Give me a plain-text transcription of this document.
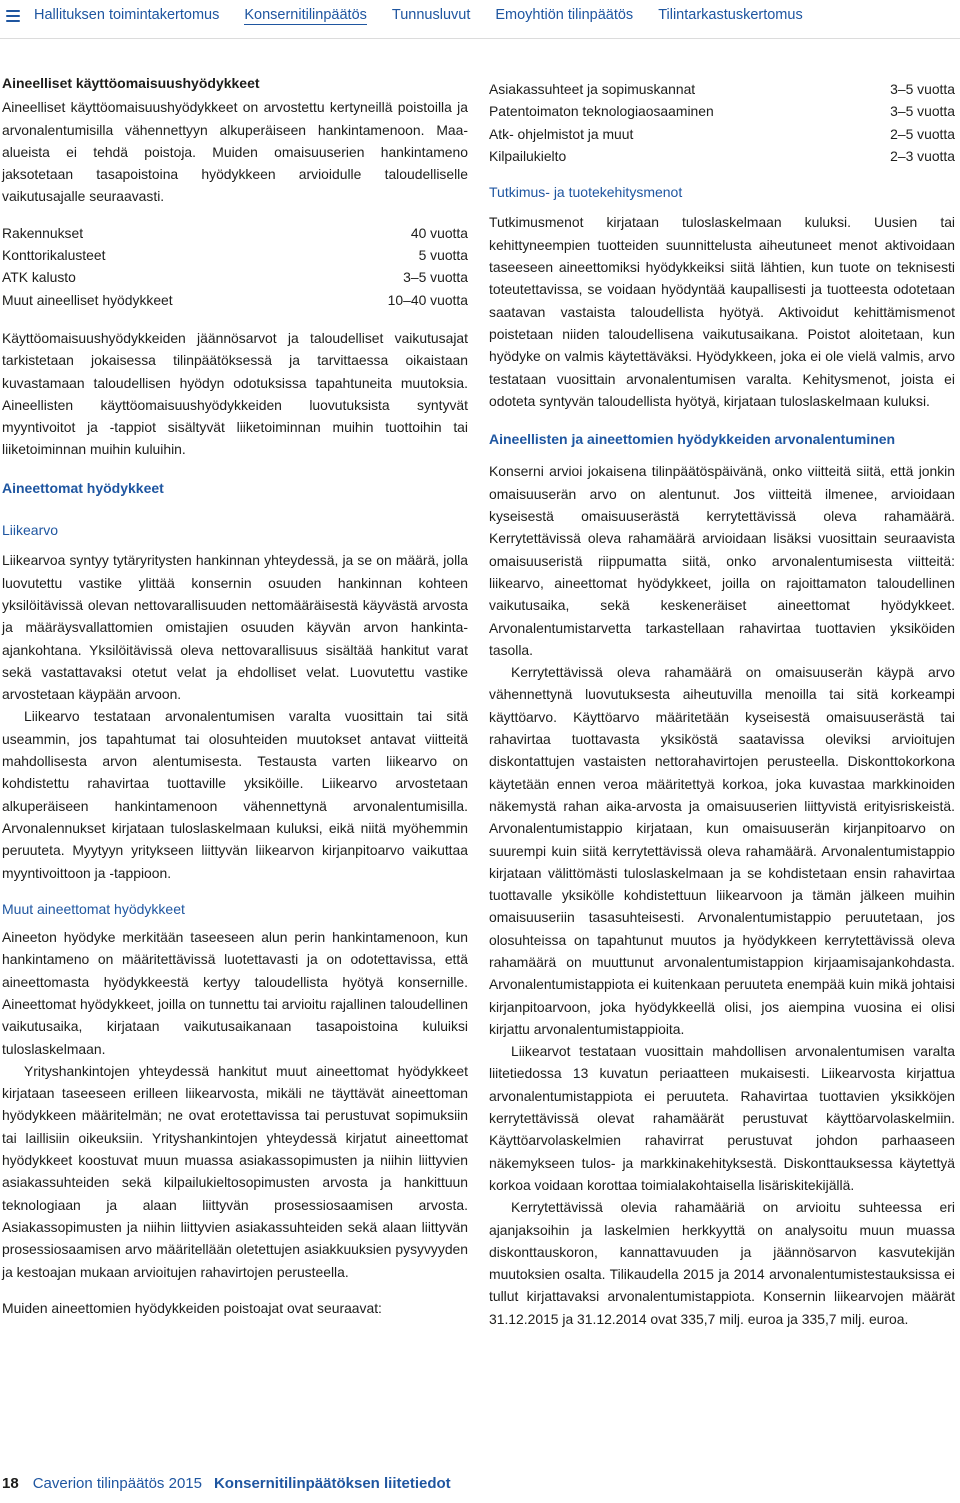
Hallituksen toimintakertomus Konsernitilinpäätös Tunnusluvut Emoyhtiön tilinpäätös Tilintarkastuskertomus
Aineelliset käyttöomaisuushyödykkeet

Aineelliset käyttöomaisuushyödykkeet on arvostettu kertyneillä poistoilla ja arvonalentumisilla vähennettyyn alkuperäiseen hankintamenoon. Maa-alueista ei tehdä poistoja. Muiden omaisuuserien hankintameno jaksotetaan tasapoistoina hyödykkeen arvioidulle taloudelliselle vaikutusajalle seuraavasti.

Rakennukset	40 vuotta
Konttorikalusteet	5 vuotta
ATK kalusto	3–5 vuotta
Muut aineelliset hyödykkeet	10–40 vuotta

Käyttöomaisuushyödykkeiden jäännösarvot ja taloudelliset vaikutusajat tarkistetaan jokaisessa tilinpäätöksessä ja tarvittaessa oikaistaan kuvastamaan taloudellisen hyödyn odotuksissa tapahtuneita muutoksia. Aineellisten käyttöomaisuushyödykkeiden luovutuksista syntyvät myyntivoitot ja -tappiot sisältyvät liiketoiminnan muihin tuottoihin tai liiketoiminnan muihin kuluihin.

Aineettomat hyödykkeet
Liikearvo

Liikearvoa syntyy tytäryritysten hankinnan yhteydessä, ja se on määrä, jolla luovutettu vastike ylittää konsernin osuuden hankinnan kohteen yksilöitävissä olevan nettovarallisuuden nettomääräisestä käyvästä arvosta ja määräysvallattomien omistajien osuuden käyvän arvon hankinta-ajankohtana. Yksilöitävissä oleva nettovarallisuus sisältää hankitut varat sekä vastattavaksi otetut velat ja ehdolliset velat. Luovutettu vastike arvostetaan käypään arvoon.

Liikearvo testataan arvonalentumisen varalta vuosittain tai sitä useammin, jos tapahtumat tai olosuhteiden muutokset antavat viitteitä mahdollisesta arvon alentumisesta. Testausta varten liikearvo on kohdistettu rahavirtaa tuottaville yksiköille. Liikearvo arvostetaan alkuperäiseen hankintamenoon vähennettynä arvonalentumisilla. Arvonalennukset kirjataan tuloslaskelmaan kuluksi, eikä niitä myöhemmin peruuteta. Myytyyn yritykseen liittyvän liikearvon kirjanpitoarvo vaikuttaa myyntivoittoon ja -tappioon.

Muut aineettomat hyödykkeet

Aineeton hyödyke merkitään taseeseen alun perin hankintamenoon, kun hankintameno on määritettävissä luotettavasti ja on odotettavissa, että aineettomasta hyödykkeestä kertyy taloudellista hyötyä konsernille. Aineettomat hyödykkeet, joilla on tunnettu tai arvioitu rajallinen taloudellinen vaikutusaika, kirjataan vaikutusaikanaan tasapoistoina kuluiksi tuloslaskelmaan.

Yrityshankintojen yhteydessä hankitut muut aineettomat hyödykkeet kirjataan taseeseen erilleen liikearvosta, mikäli ne täyttävät aineettoman hyödykkeen määritelmän; ne ovat erotettavissa tai perustuvat sopimuksiin tai laillisiin oikeuksiin. Yrityshankintojen yhteydessä kirjatut aineettomat hyödykkeet koostuvat muun muassa asiakassopimusten ja niihin liittyvien asiakassuhteiden sekä kilpailukieltosopimusten arvosta ja hankittuun teknologiaan ja alaan liittyvän prosessiosaamisen arvosta. Asiakassopimusten ja niihin liittyvien asiakassuhteiden sekä alaan liittyvän prosessiosaamisen arvo määritellään oletettujen asiakkuuksien pysyvyyden ja kestoajan mukaan arvioitujen rahavirtojen perusteella.

Muiden aineettomien hyödykkeiden poistoajat ovat seuraavat:

Asiakassuhteet ja sopimuskannat	3–5 vuotta
Patentoimaton teknologiaosaaminen	3–5 vuotta
Atk- ohjelmistot ja muut	2–5 vuotta
Kilpailukielto	2–3 vuotta
Tutkimus- ja tuotekehitysmenot

Tutkimusmenot kirjataan tuloslaskelmaan kuluksi. Uusien tai kehittyneempien tuotteiden suunnittelusta aiheutuneet menot aktivoidaan taseeseen aineettomiksi hyödykkeiksi siitä lähtien, kun tuote on teknisesti toteutettavissa, se voidaan hyödyntää kaupallisesti ja tuotteesta odotetaan saatavan vastaista taloudellista hyötyä. Aktivoidut kehittämismenot poistetaan niiden taloudellisena vaikutusaikana. Poistot aloitetaan, kun hyödyke on valmis käytettäväksi. Hyödykkeen, joka ei ole vielä valmis, arvo testataan vuosittain arvonalentumisen varalta. Kehitysmenot, joista ei odoteta syntyvän taloudellista hyötyä, kirjataan tuloslaskelmaan kuluksi.

Aineellisten ja aineettomien hyödykkeiden arvonalentuminen

Konserni arvioi jokaisena tilinpäätöspäivänä, onko viitteitä siitä, että jonkin omaisuuserän arvo on alentunut. Jos viitteitä ilmenee, arvioidaan kyseisestä omaisuuserästä kerrytettävissä oleva rahamäärä. Kerrytettävissä oleva rahamäärä arvioidaan lisäksi vuosittain seuraavista omaisuuseristä riippumatta siitä, onko arvonalentumisesta viitteitä: liikearvo, aineettomat hyödykkeet, joilla on rajoittamaton taloudellinen vaikutusaika, sekä keskeneräiset aineettomat hyödykkeet. Arvonalentumistarvetta tarkastellaan rahavirtaa tuottavien yksiköiden tasolla.

Kerrytettävissä oleva rahamäärä on omaisuuserän käypä arvo vähennettynä luovutuksesta aiheutuvilla menoilla tai sitä korkeampi käyttöarvo. Käyttöarvo määritetään kyseisestä omaisuuserästä tai rahavirtaa tuottavasta yksiköstä saatavissa oleviksi arvioitujen diskontattujen vastaisten nettorahavirtojen perusteella. Diskonttokorkona käytetään ennen veroa määritettyä korkoa, joka kuvastaa markkinoiden näkemystä rahan aika-arvosta ja omaisuuserien liittyvistä erityisriskeistä. Arvonalentumistappio kirjataan, kun omaisuuserän kirjanpitoarvo on suurempi kuin siitä kerrytettävissä oleva rahamäärä. Arvonalentumistappio kirjataan välittömästi tuloslaskelmaan ja se kohdistetaan ensin rahavirtaa tuottavalle yksikölle kohdistettuun liikearvoon ja tämän jälkeen muihin omaisuuseriin tasasuhteisesti. Arvonalentumistappio peruutetaan, jos olosuhteissa on tapahtunut muutos ja hyödykkeen kerrytettävissä oleva rahamäärä on muuttunut arvonalentumistappion kirjaamisajankohdasta. Arvonalentumistappiota ei kuitenkaan peruuteta enempää kuin mikä johtaisi kirjanpitoarvoon, joka hyödykkeellä olisi, jos aiempina vuosina ei olisi kirjattu arvonalentumistappioita.

Liikearvot testataan vuosittain mahdollisen arvonalentumisen varalta liitetiedossa 13 kuvatun periaatteen mukaisesti. Liikearvosta kirjattua arvonalentumistappiota ei peruuteta. Rahavirtaa tuottavien yksikköjen kerrytettävissä olevat rahamäärät perustuvat käyttöarvolaskelmiin. Käyttöarvolaskelmien rahavirrat perustuvat johdon parhaaseen näkemykseen tulos- ja markkinakehityksestä. Diskonttauksessa käytettyä korkoa voidaan korottaa toimialakohtaisella lisäriskitekijällä.

Kerrytettävissä olevia rahamääriä on arvioitu suhteessa eri ajanjaksoihin ja laskelmien herkkyyttä on analysoitu muun muassa diskonttauskoron, kannattavuuden ja jäännösarvon kasvutekijän muutoksien osalta. Tilikaudella 2015 ja 2014 arvonalentumistestauksissa ei tullut kirjattavaksi arvonalentumistappiota. Konsernin liikearvojen määrät 31.12.2015 ja 31.12.2014 ovat 335,7 milj. euroa ja 335,7 milj. euroa.

18 Caverion tilinpäätös 2015 Konsernitilinpäätöksen liitetiedot
